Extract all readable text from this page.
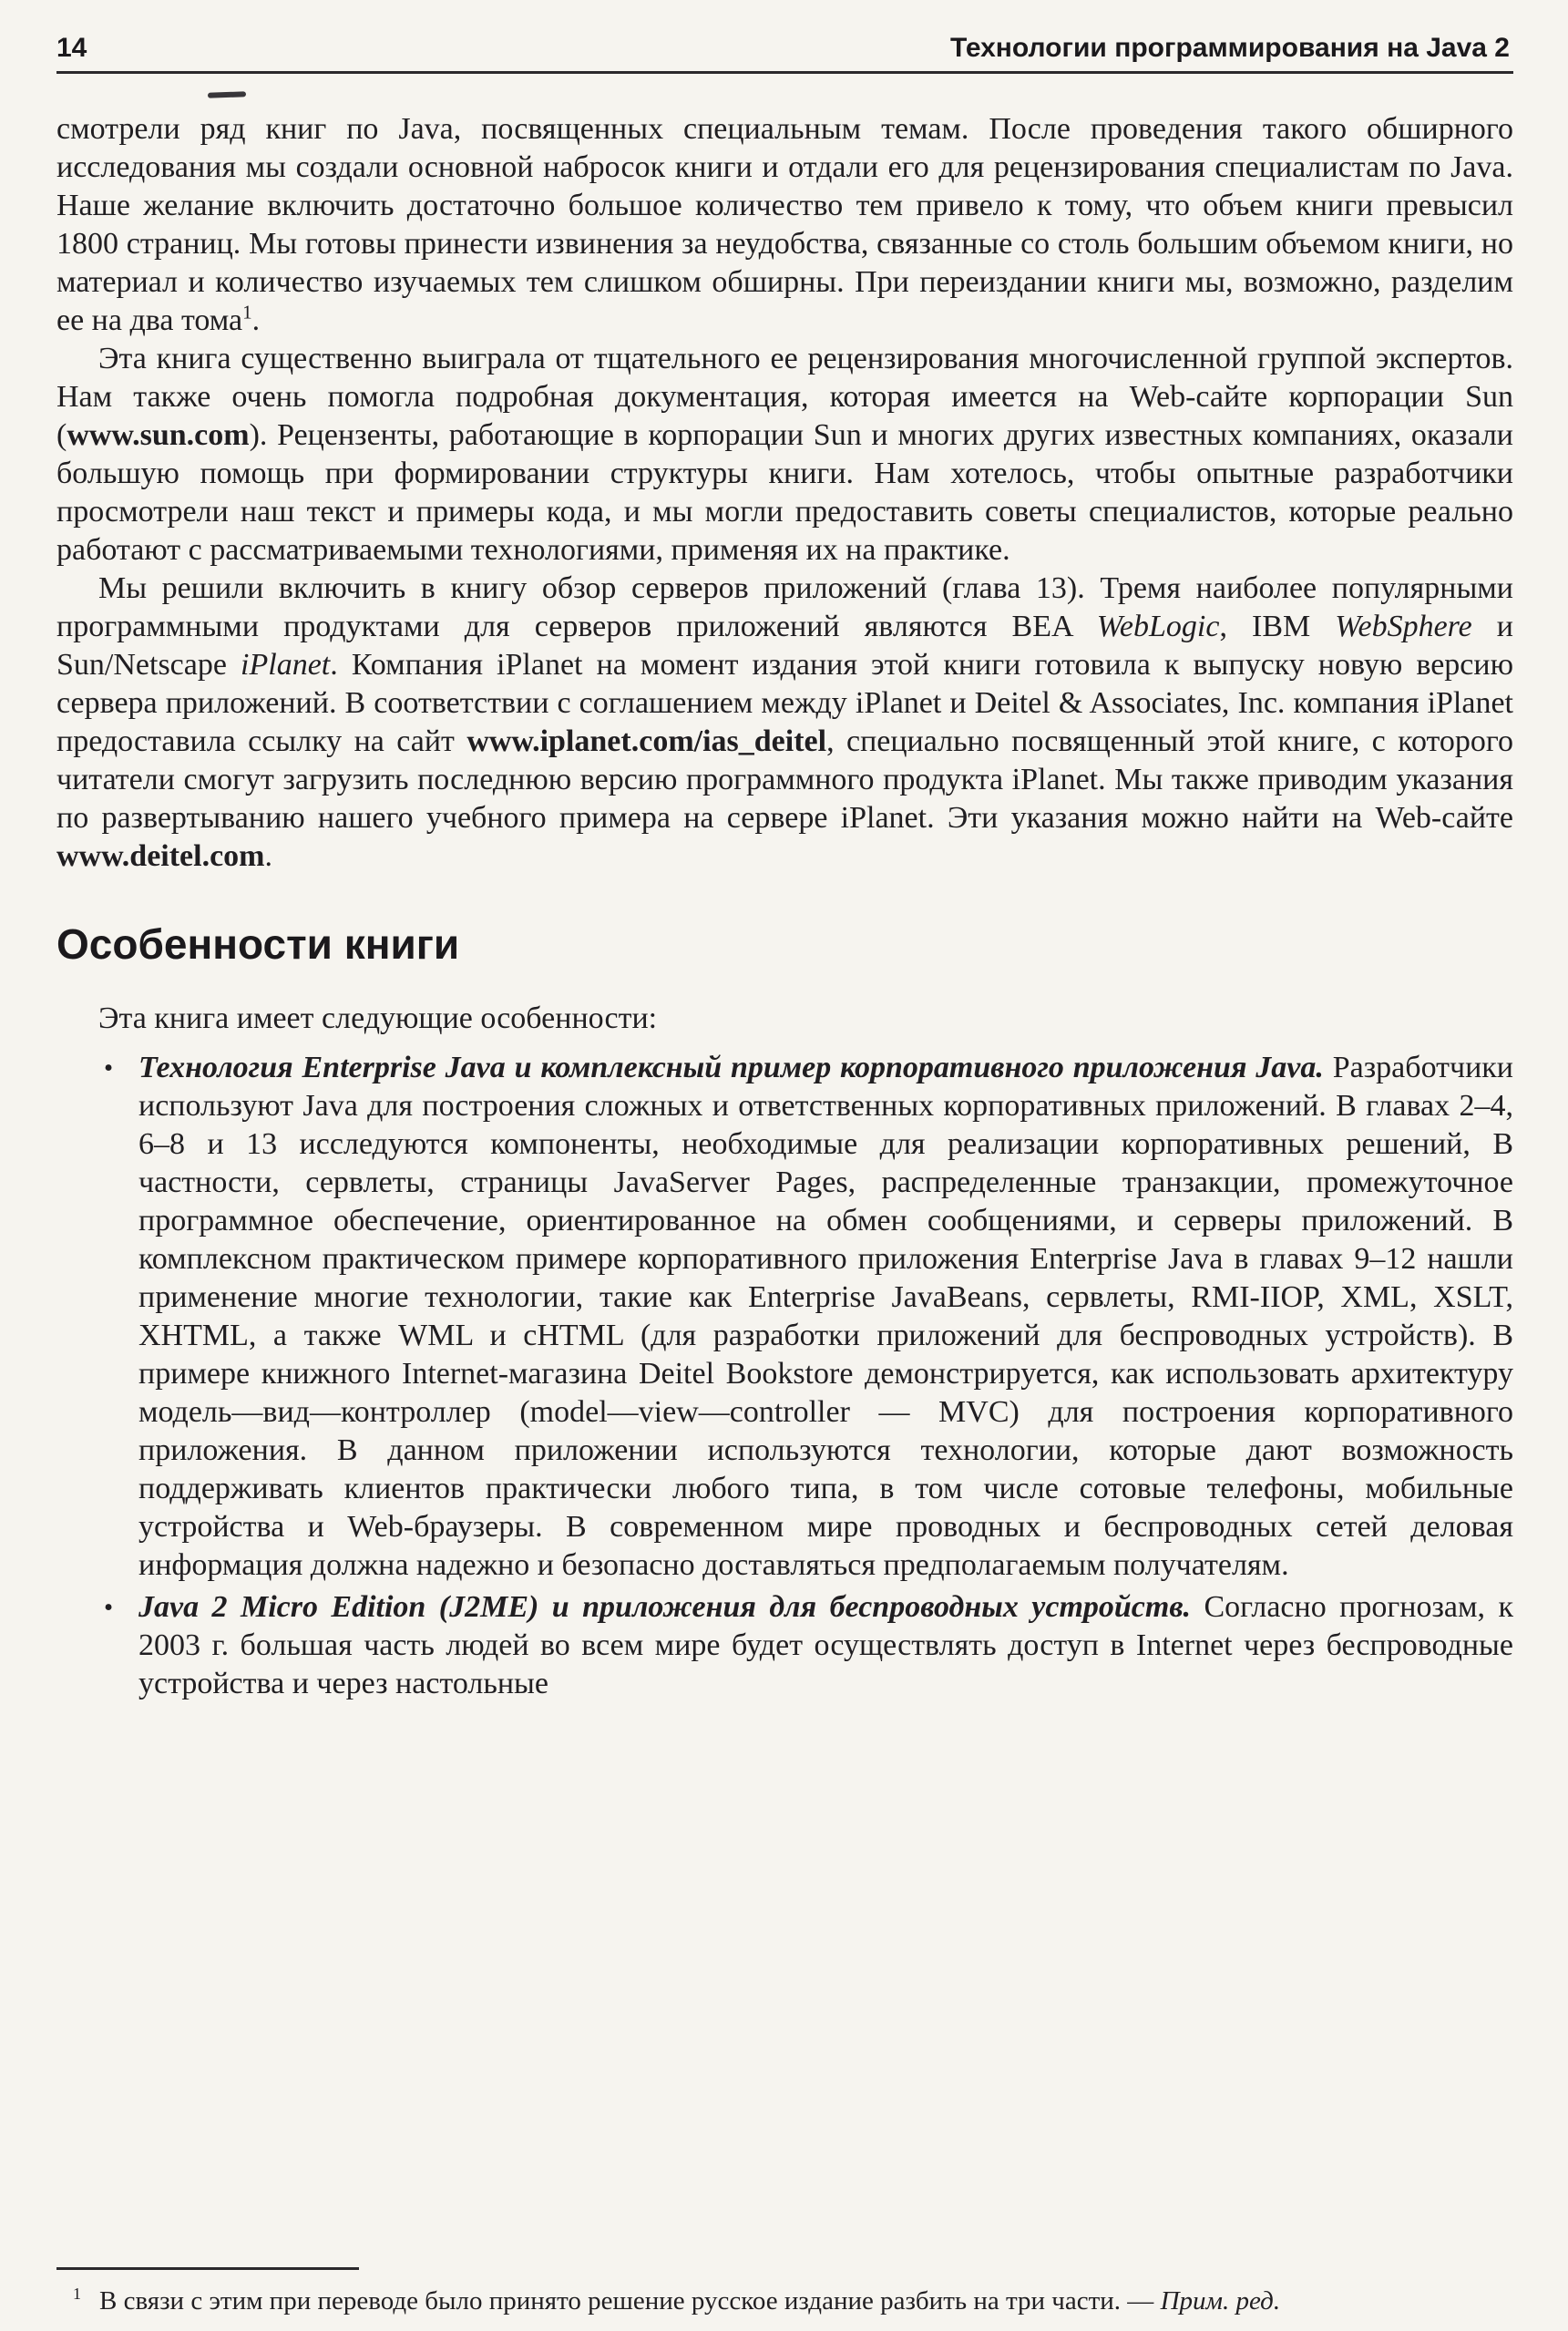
14	Технологии программирования на Java 2

смотрели ряд книг по Java, посвященных специальным темам. После проведения такого обширного исследования мы создали основной набросок книги и отдали его для рецензирования специалистам по Java. Наше желание включить достаточно большое количество тем привело к тому, что объем книги превысил 1800 страниц. Мы готовы принести извинения за неудобства, связанные со столь большим объемом книги, но материал и количество изучаемых тем слишком обширны. При переиздании книги мы, возможно, разделим ее на два тома$^1$.

Эта книга существенно выиграла от тщательного ее рецензирования многочисленной группой экспертов. Нам также очень помогла подробная документация, которая имеется на Web-сайте корпорации Sun (www.sun.com). Рецензенты, работающие в корпорации Sun и многих других известных компаниях, оказали большую помощь при формировании структуры книги. Нам хотелось, чтобы опытные разработчики просмотрели наш текст и примеры кода, и мы могли предоставить советы специалистов, которые реально работают с рассматриваемыми технологиями, применяя их на практике.

Мы решили включить в книгу обзор серверов приложений (глава 13). Тремя наиболее популярными программными продуктами для серверов приложений являются BEA WebLogic, IBM WebSphere и Sun/Netscape iPlanet. Компания iPlanet на момент издания этой книги готовила к выпуску новую версию сервера приложений. В соответствии с соглашением между iPlanet и Deitel & Associates, Inc. компания iPlanet предоставила ссылку на сайт www.iplanet.com/ias_deitel, специально посвященный этой книге, с которого читатели смогут загрузить последнюю версию программного продукта iPlanet. Мы также приводим указания по развертыванию нашего учебного примера на сервере iPlanet. Эти указания можно найти на Web-сайте www.deitel.com.

Особенности книги

Эта книга имеет следующие особенности:

• Технология Enterprise Java и комплексный пример корпоративного приложения Java. Разработчики используют Java для построения сложных и ответственных корпоративных приложений. В главах 2–4, 6–8 и 13 исследуются компоненты, необходимые для реализации корпоративных решений, В частности, сервлеты, страницы JavaServer Pages, распределенные транзакции, промежуточное программное обеспечение, ориентированное на обмен сообщениями, и серверы приложений. В комплексном практическом примере корпоративного приложения Enterprise Java в главах 9–12 нашли применение многие технологии, такие как Enterprise JavaBeans, сервлеты, RMI-IIOP, XML, XSLT, XHTML, а также WML и cHTML (для разработки приложений для беспроводных устройств). В примере книжного Internet-магазина Deitel Bookstore демонстрируется, как использовать архитектуру модель—вид—контроллер (model—view—controller — MVC) для построения корпоративного приложения. В данном приложении используются технологии, которые дают возможность поддерживать клиентов практически любого типа, в том числе сотовые телефоны, мобильные устройства и Web-браузеры. В современном мире проводных и беспроводных сетей деловая информация должна надежно и безопасно доставляться предполагаемым получателям.
• Java 2 Micro Edition (J2ME) и приложения для беспроводных устройств. Согласно прогнозам, к 2003 г. большая часть людей во всем мире будет осуществлять доступ в Internet через беспроводные устройства и через настольные

$^1$ В связи с этим при переводе было принято решение русское издание разбить на три части. — Прим. ред.
